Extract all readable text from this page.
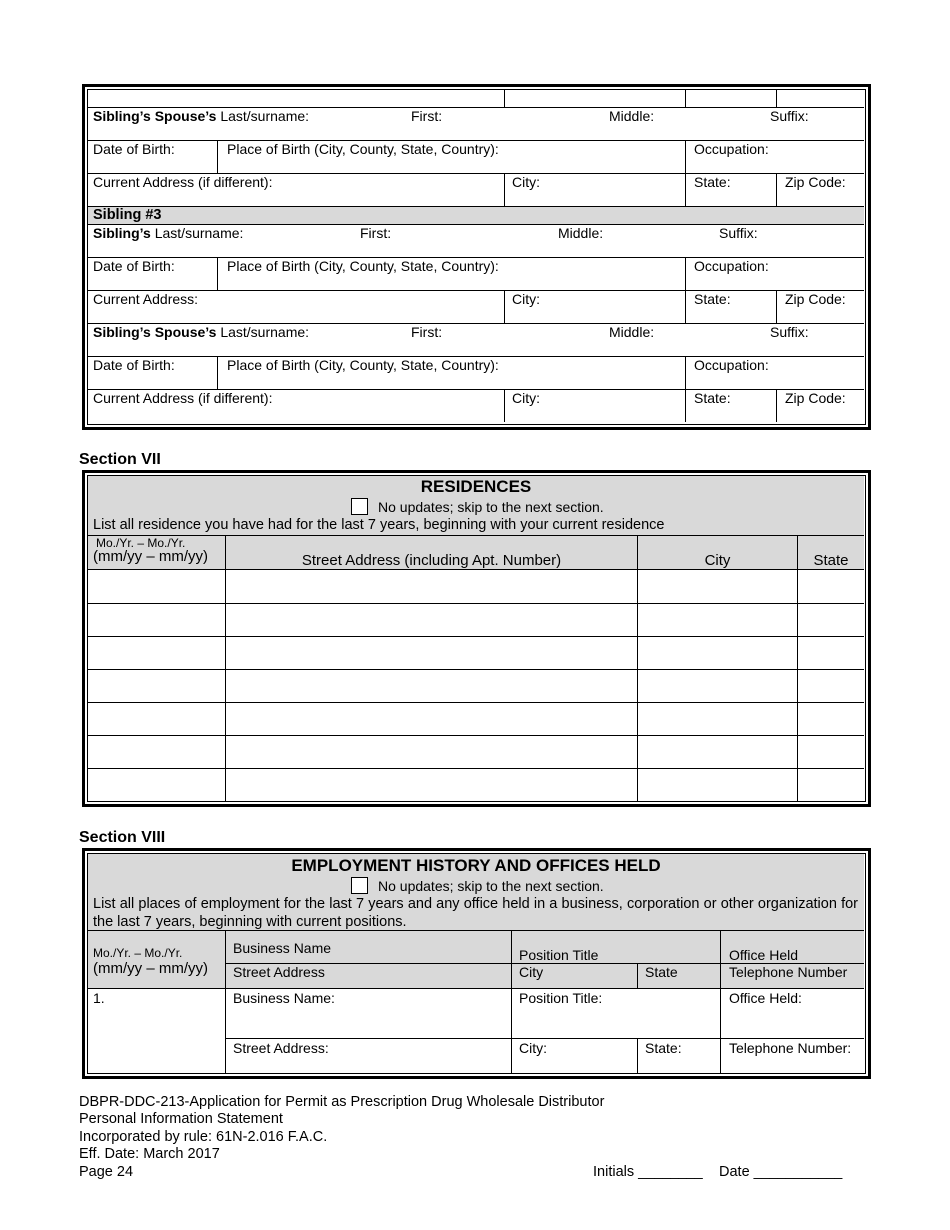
Sibling’s Spouse’s Last/surname:	First:	Middle:	Suffix:
Date of Birth:	Place of Birth (City, County, State, Country):	Occupation:
Current Address (if different):	City:	State:	Zip Code:
Sibling #3
Sibling’s Last/surname:	First:	Middle:	Suffix:
Date of Birth:	Place of Birth (City, County, State, Country):	Occupation:
Current Address:	City:	State:	Zip Code:
Sibling’s Spouse’s Last/surname:	First:	Middle:	Suffix:
Date of Birth:	Place of Birth (City, County, State, Country):	Occupation:
Current Address (if different):	City:	State:	Zip Code:
Section VII
RESIDENCES
No updates; skip to the next section.
List all residence you have had for the last 7 years, beginning with your current residence
Mo./Yr. – Mo./Yr.
(mm/yy – mm/yy)	Street Address (including Apt. Number)	City	State
Section VIII
EMPLOYMENT HISTORY AND OFFICES HELD
No updates; skip to the next section.
List all places of employment for the last 7 years and any office held in a business, corporation or other organization for the last 7 years, beginning with current positions.
Mo./Yr. – Mo./Yr.
(mm/yy – mm/yy)
Business Name	Position Title	Office Held
Street Address	City	State	Telephone Number
1.	Business Name:	Position Title:	Office Held:
Street Address:	City:	State:	Telephone Number:
DBPR-DDC-213-Application for Permit as Prescription Drug Wholesale Distributor
Personal Information Statement
Incorporated by rule: 61N-2.016 F.A.C.
Eff. Date: March 2017
Page 24	Initials ________ Date ___________
